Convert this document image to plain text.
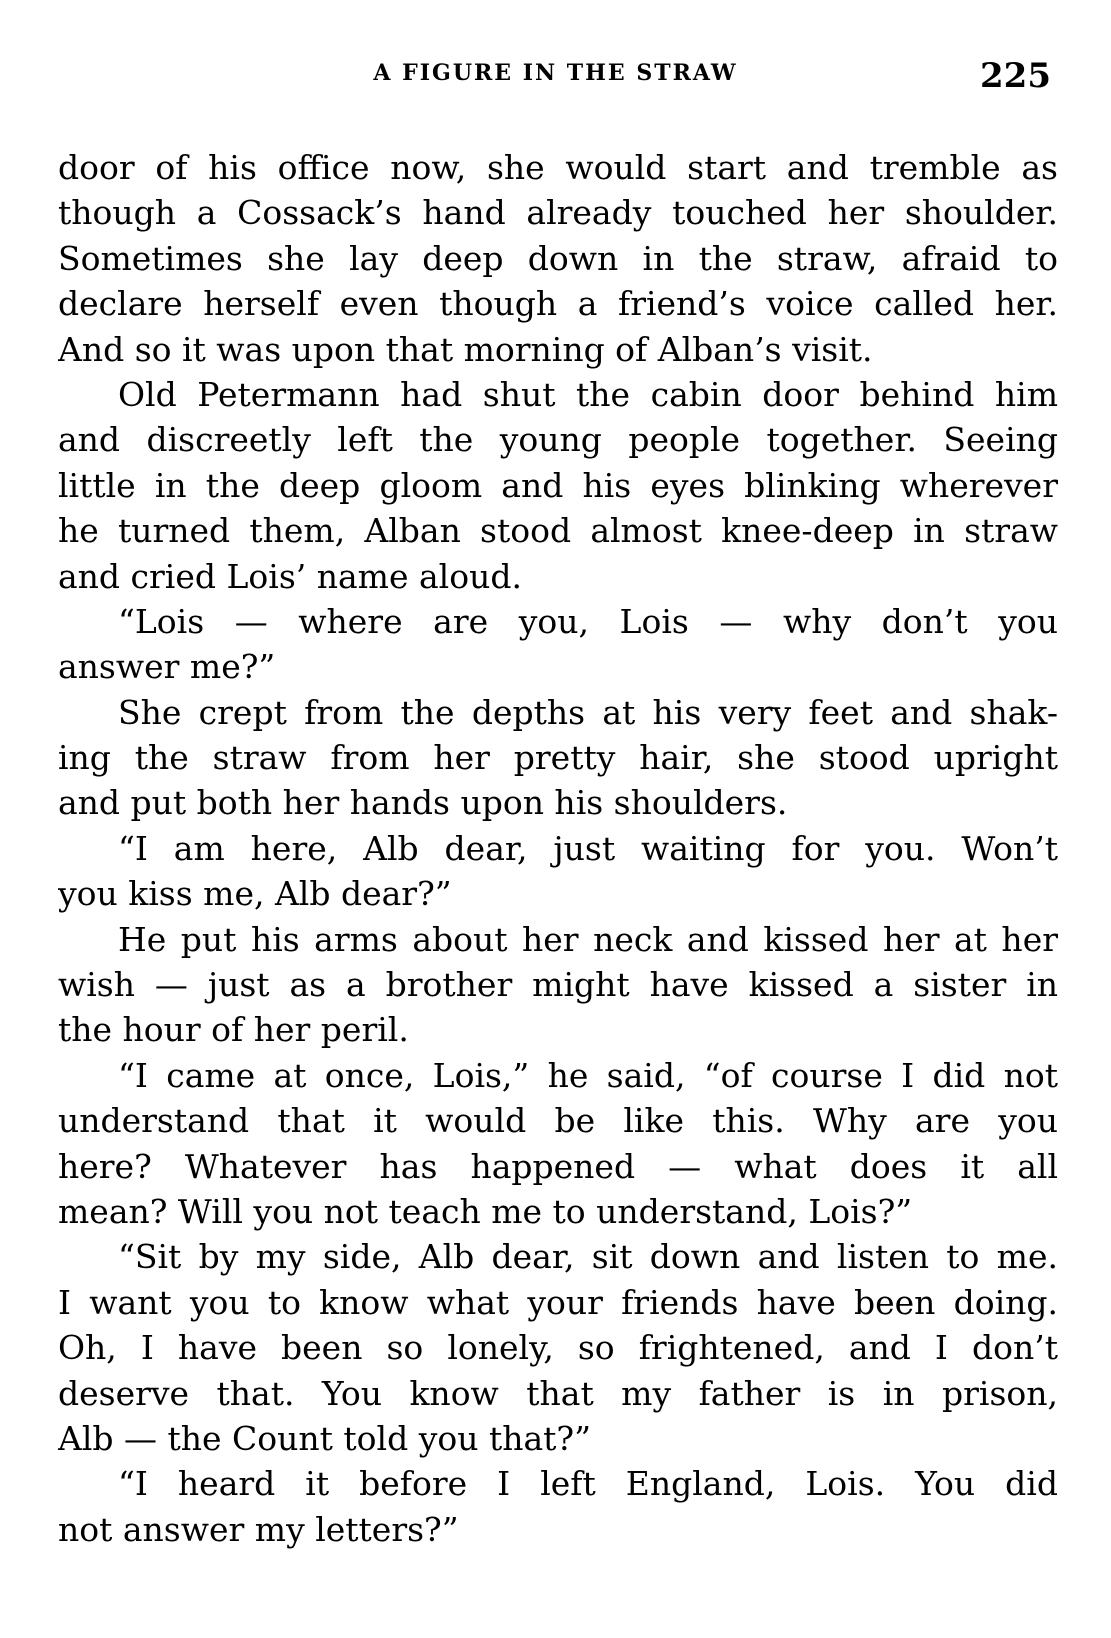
A FIGURE IN THE STRAW	225
door of his office now, she would start and tremble as
though a Cossack’s hand already touched her shoulder.
Sometimes she lay deep down in the straw, afraid to
declare herself even though a friend’s voice called her.
And so it was upon that morning of Alban’s visit.
Old Petermann had shut the cabin door behind him
and discreetly left the young people together. Seeing
little in the deep gloom and his eyes blinking wherever
he turned them, Alban stood almost knee-deep in straw
and cried Lois’ name aloud.
“Lois — where are you, Lois — why don’t you
answer me?”
She crept from the depths at his very feet and shak-
ing the straw from her pretty hair, she stood upright
and put both her hands upon his shoulders.
“I am here, Alb dear, just waiting for you. Won’t
you kiss me, Alb dear?”
He put his arms about her neck and kissed her at her
wish — just as a brother might have kissed a sister in
the hour of her peril.
“I came at once, Lois,” he said, “of course I did not
understand that it would be like this. Why are you
here? Whatever has happened — what does it all
mean? Will you not teach me to understand, Lois?”
“Sit by my side, Alb dear, sit down and listen to me.
I want you to know what your friends have been doing.
Oh, I have been so lonely, so frightened, and I don’t
deserve that. You know that my father is in prison,
Alb — the Count told you that?”
“I heard it before I left England, Lois. You did
not answer my letters?”
